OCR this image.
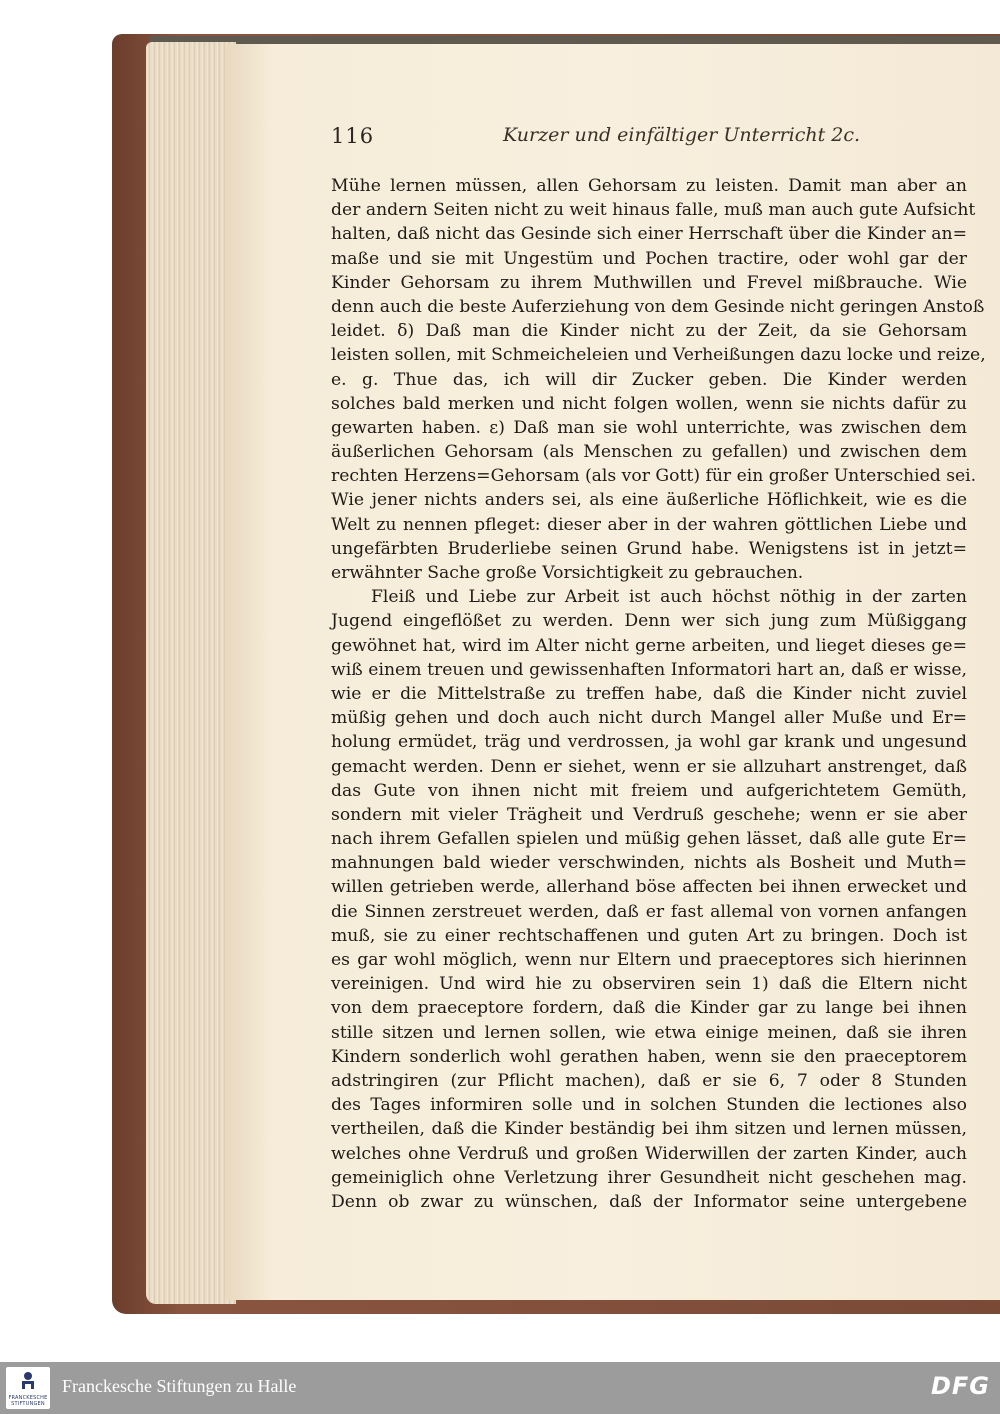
116	Kurzer und einfältiger Unterricht 2c.
Mühe lernen müssen, allen Gehorsam zu leisten. Damit man aber an
der andern Seiten nicht zu weit hinaus falle, muß man auch gute Aufsicht
halten, daß nicht das Gesinde sich einer Herrschaft über die Kinder an=
maße und sie mit Ungestüm und Pochen tractire, oder wohl gar der
Kinder Gehorsam zu ihrem Muthwillen und Frevel mißbrauche. Wie
denn auch die beste Auferziehung von dem Gesinde nicht geringen Anstoß
leidet. δ) Daß man die Kinder nicht zu der Zeit, da sie Gehorsam
leisten sollen, mit Schmeicheleien und Verheißungen dazu locke und reize,
e. g. Thue das, ich will dir Zucker geben. Die Kinder werden
solches bald merken und nicht folgen wollen, wenn sie nichts dafür zu
gewarten haben. ε) Daß man sie wohl unterrichte, was zwischen dem
äußerlichen Gehorsam (als Menschen zu gefallen) und zwischen dem
rechten Herzens=Gehorsam (als vor Gott) für ein großer Unterschied sei.
Wie jener nichts anders sei, als eine äußerliche Höflichkeit, wie es die
Welt zu nennen pfleget: dieser aber in der wahren göttlichen Liebe und
ungefärbten Bruderliebe seinen Grund habe. Wenigstens ist in jetzt=
erwähnter Sache große Vorsichtigkeit zu gebrauchen.
Fleiß und Liebe zur Arbeit ist auch höchst nöthig in der zarten
Jugend eingeflößet zu werden. Denn wer sich jung zum Müßiggang
gewöhnet hat, wird im Alter nicht gerne arbeiten, und lieget dieses ge=
wiß einem treuen und gewissenhaften Informatori hart an, daß er wisse,
wie er die Mittelstraße zu treffen habe, daß die Kinder nicht zuviel
müßig gehen und doch auch nicht durch Mangel aller Muße und Er=
holung ermüdet, träg und verdrossen, ja wohl gar krank und ungesund
gemacht werden. Denn er siehet, wenn er sie allzuhart anstrenget, daß
das Gute von ihnen nicht mit freiem und aufgerichtetem Gemüth,
sondern mit vieler Trägheit und Verdruß geschehe; wenn er sie aber
nach ihrem Gefallen spielen und müßig gehen lässet, daß alle gute Er=
mahnungen bald wieder verschwinden, nichts als Bosheit und Muth=
willen getrieben werde, allerhand böse affecten bei ihnen erwecket und
die Sinnen zerstreuet werden, daß er fast allemal von vornen anfangen
muß, sie zu einer rechtschaffenen und guten Art zu bringen. Doch ist
es gar wohl möglich, wenn nur Eltern und praeceptores sich hierinnen
vereinigen. Und wird hie zu observiren sein 1) daß die Eltern nicht
von dem praeceptore fordern, daß die Kinder gar zu lange bei ihnen
stille sitzen und lernen sollen, wie etwa einige meinen, daß sie ihren
Kindern sonderlich wohl gerathen haben, wenn sie den praeceptorem
adstringiren (zur Pflicht machen), daß er sie 6, 7 oder 8 Stunden
des Tages informiren solle und in solchen Stunden die lectiones also
vertheilen, daß die Kinder beständig bei ihm sitzen und lernen müssen,
welches ohne Verdruß und großen Widerwillen der zarten Kinder, auch
gemeiniglich ohne Verletzung ihrer Gesundheit nicht geschehen mag.
Denn ob zwar zu wünschen, daß der Informator seine untergebene
FRANCKESCHE
STIFTUNGEN
Franckesche Stiftungen zu Halle	DFG
